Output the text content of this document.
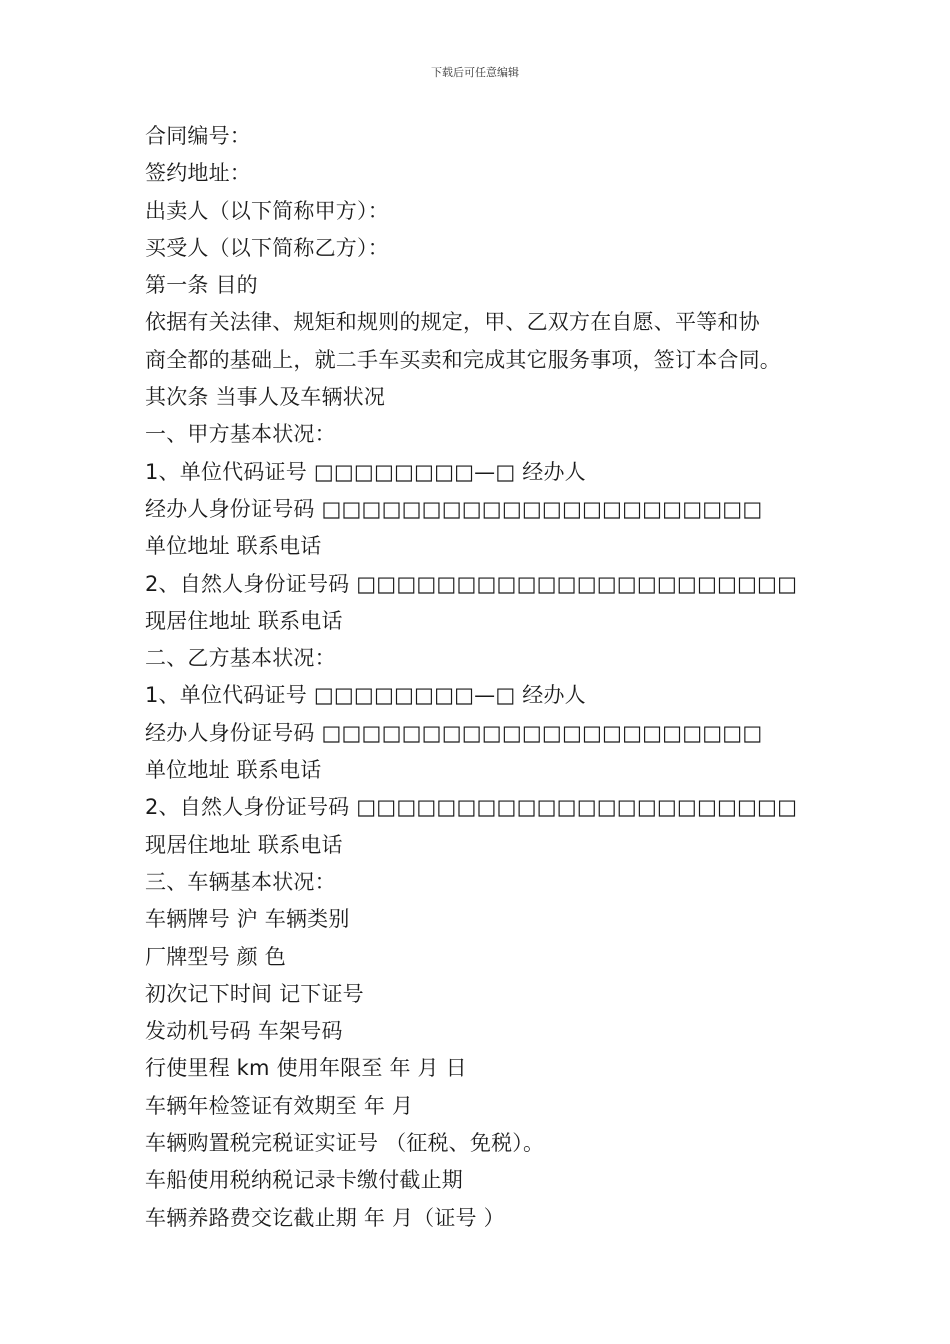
下载后可任意编辑
合同编号：
签约地址：
出卖人（以下简称甲方）：
买受人（以下简称乙方）：
第一条 目的
依据有关法律、规矩和规则的规定，甲、乙双方在自愿、平等和协
商全都的基础上，就二手车买卖和完成其它服务事项，签订本合同。
其次条 当事人及车辆状况
一、甲方基本状况：
1、单位代码证号 □□□□□□□□—□ 经办人
经办人身份证号码 □□□□□□□□□□□□□□□□□□□□□□
单位地址 联系电话
2、自然人身份证号码 □□□□□□□□□□□□□□□□□□□□□□
现居住地址 联系电话
二、乙方基本状况：
1、单位代码证号 □□□□□□□□—□ 经办人
经办人身份证号码 □□□□□□□□□□□□□□□□□□□□□□
单位地址 联系电话
2、自然人身份证号码 □□□□□□□□□□□□□□□□□□□□□□
现居住地址 联系电话
三、车辆基本状况：
车辆牌号 沪 车辆类别
厂牌型号 颜 色
初次记下时间 记下证号
发动机号码 车架号码
行使里程 km 使用年限至 年 月 日
车辆年检签证有效期至 年 月
车辆购置税完税证实证号 （征税、免税）。
车船使用税纳税记录卡缴付截止期
车辆养路费交讫截止期 年 月（证号 ）
